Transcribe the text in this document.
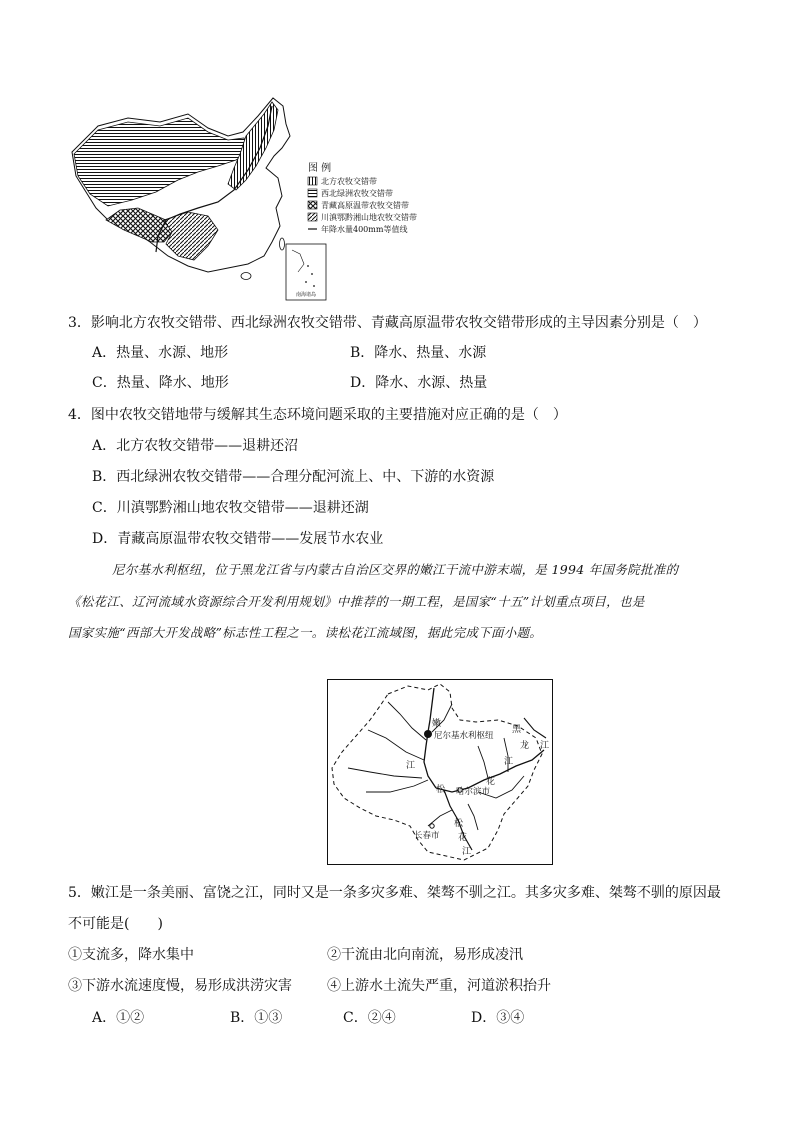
图 例
北方农牧交错带
西北绿洲农牧交错带
青藏高原温带农牧交错带
川滇鄂黔湘山地农牧交错带
年降水量400mm等值线
南海诸岛
3．影响北方农牧交错带、西北绿洲农牧交错带、青藏高原温带农牧交错带形成的主导因素分别是（　）
A．热量、水源、地形	B．降水、热量、水源
C．热量、降水、地形	D．降水、水源、热量
4．图中农牧交错地带与缓解其生态环境问题采取的主要措施对应正确的是（　）
A．北方农牧交错带——退耕还沼
B．西北绿洲农牧交错带——合理分配河流上、中、下游的水资源
C．川滇鄂黔湘山地农牧交错带——退耕还湖
D．青藏高原温带农牧交错带——发展节水农业
尼尔基水利枢纽，位于黑龙江省与内蒙古自治区交界的嫩江干流中游末端，是 1994 年国务院批准的
《松花江、辽河流域水资源综合开发利用规划》中推荐的一期工程，是国家“十五”计划重点项目，也是
国家实施“西部大开发战略”标志性工程之一。读松花江流域图，据此完成下面小题。
嫩
尼尔基水利枢纽
黑
龙 江
江
花
江
松 哈尔滨市
松
花
长春市
江
5．嫩江是一条美丽、富饶之江，同时又是一条多灾多难、桀骜不驯之江。其多灾多难、桀骜不驯的原因最
不可能是(　　)
①支流多，降水集中	②干流由北向南流，易形成凌汛
③下游水流速度慢，易形成洪涝灾害	④上游水土流失严重，河道淤积抬升
A．①②	B．①③	C．②④	D．③④
